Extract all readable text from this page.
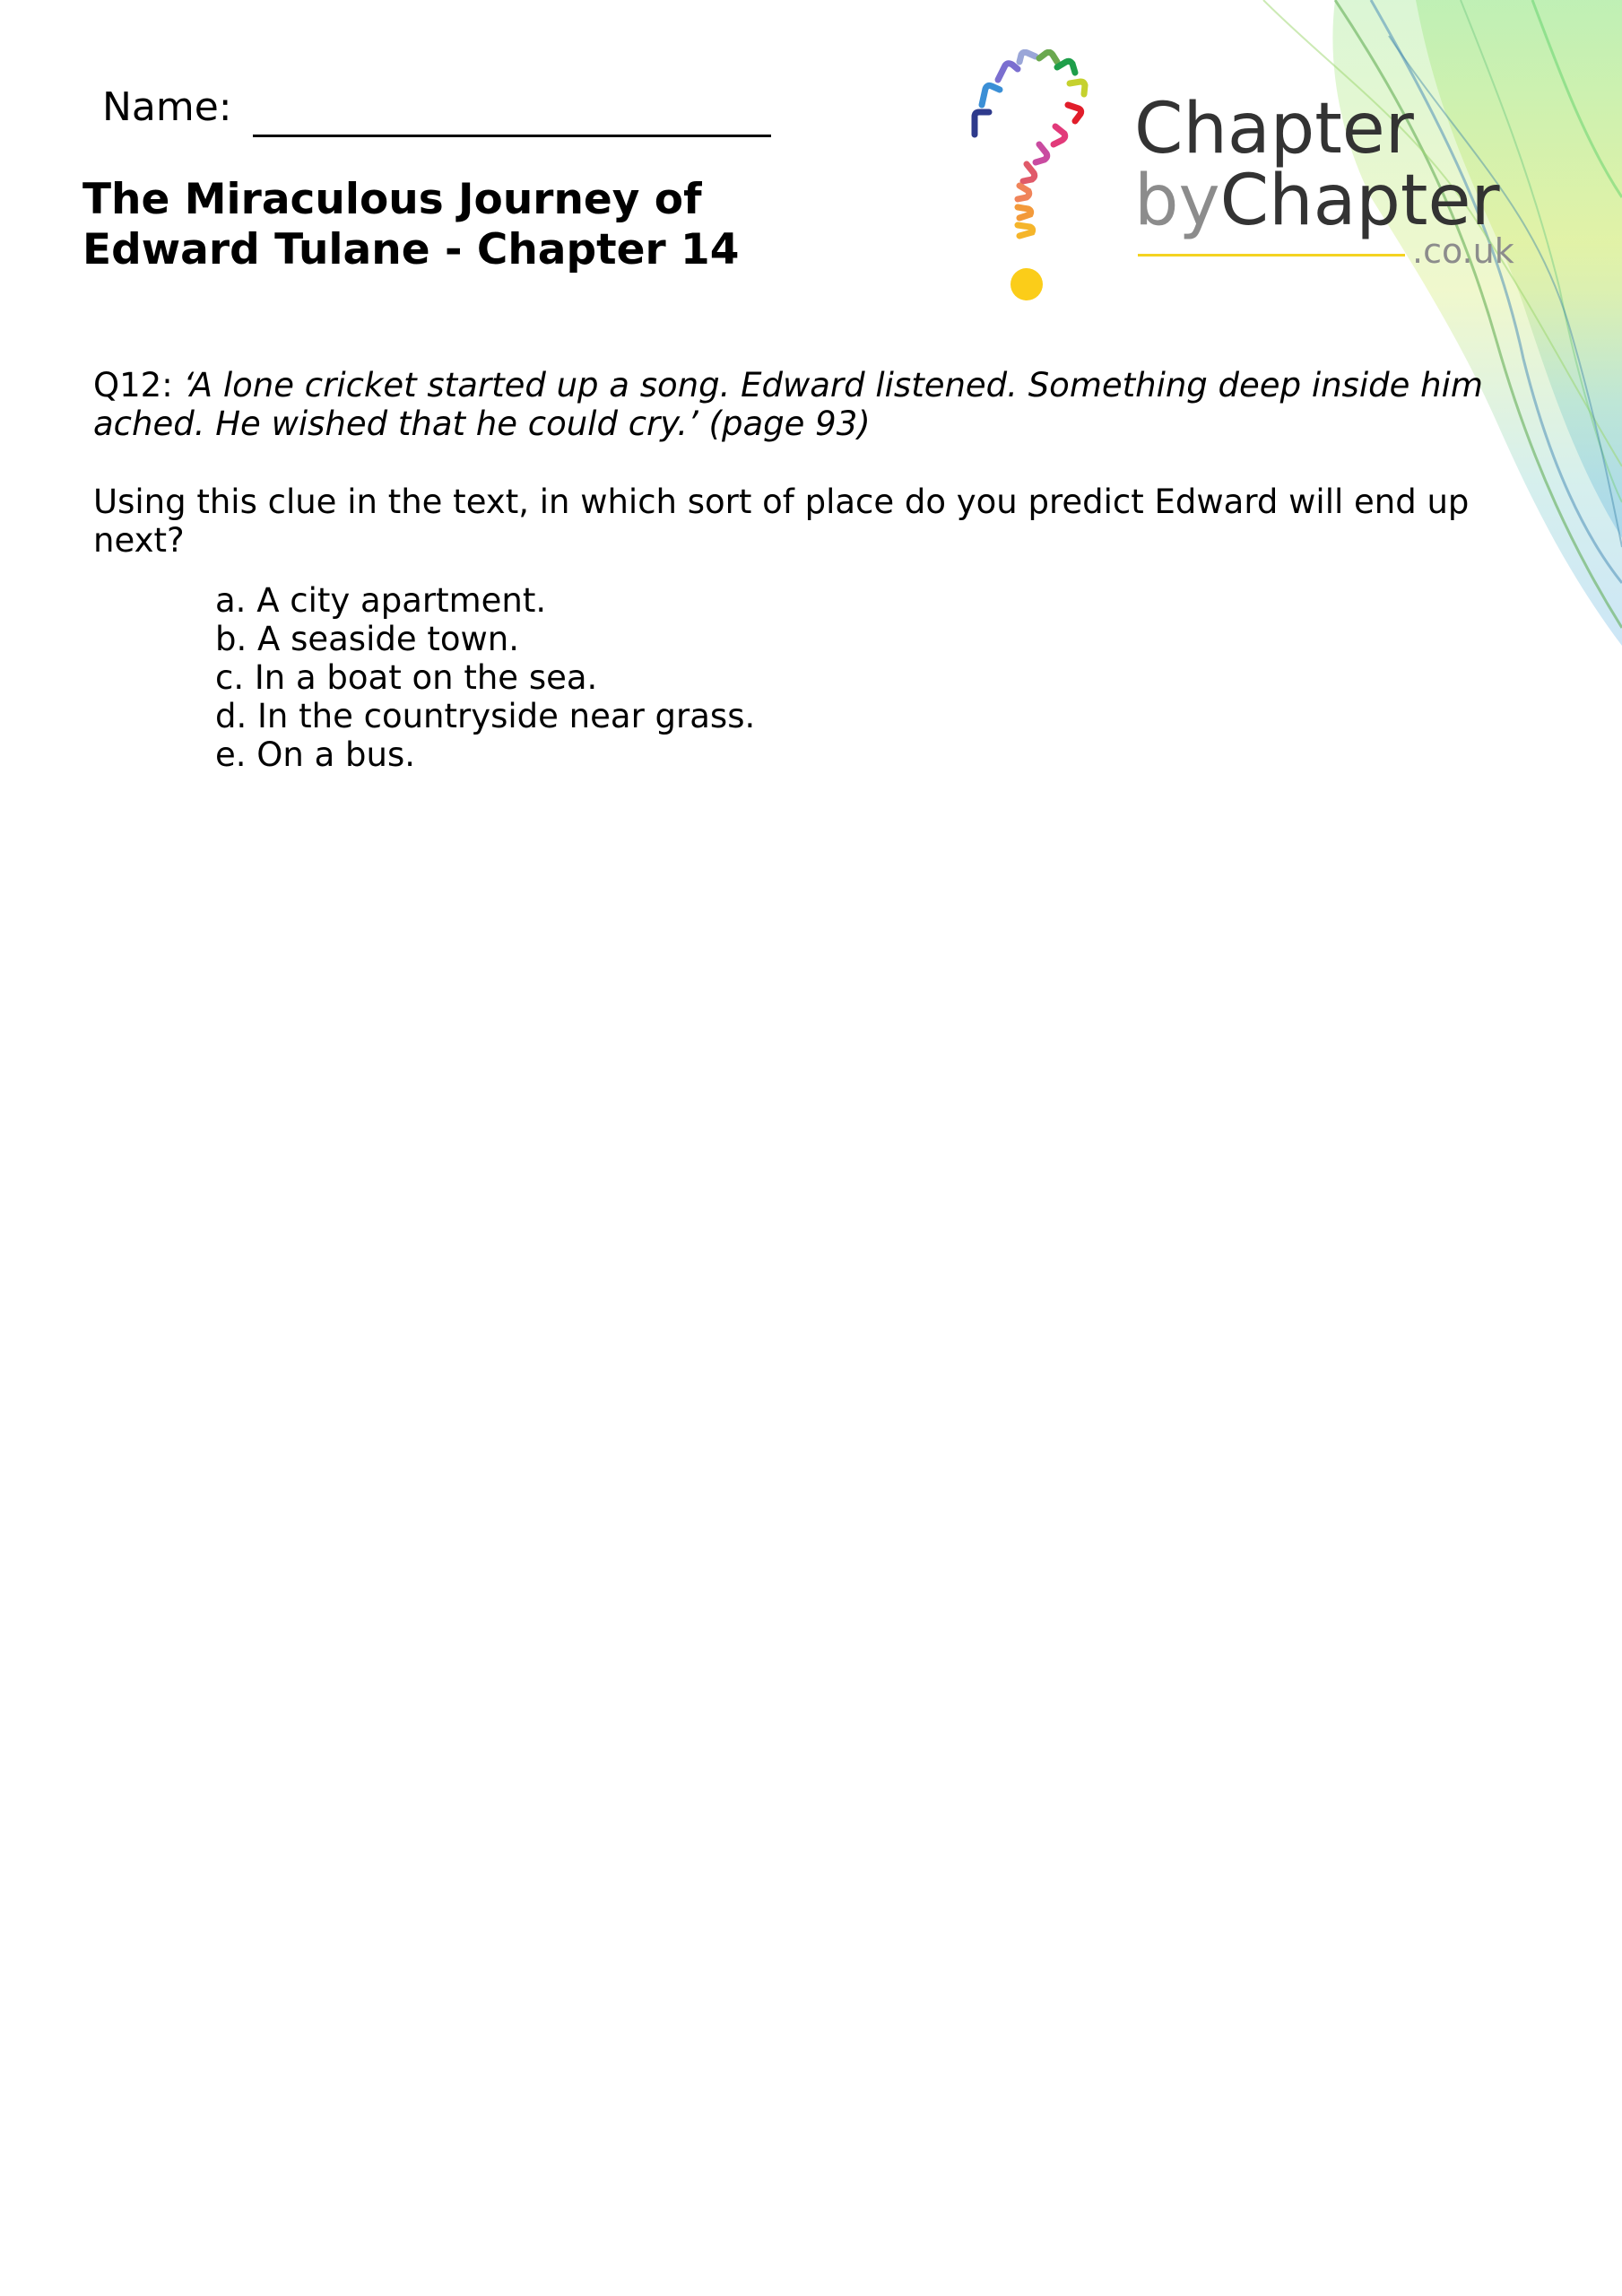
Name:
The Miraculous Journey of
Edward Tulane - Chapter 14
Chapter
byChapter
.co.uk
Q12: ‘A lone cricket started up a song. Edward listened. Something deep inside him ached. He wished that he could cry.’ (page 93)
Using this clue in the text, in which sort of place do you predict Edward will end up next?
a. A city apartment.
b. A seaside town.
c. In a boat on the sea.
d. In the countryside near grass.
e. On a bus.
